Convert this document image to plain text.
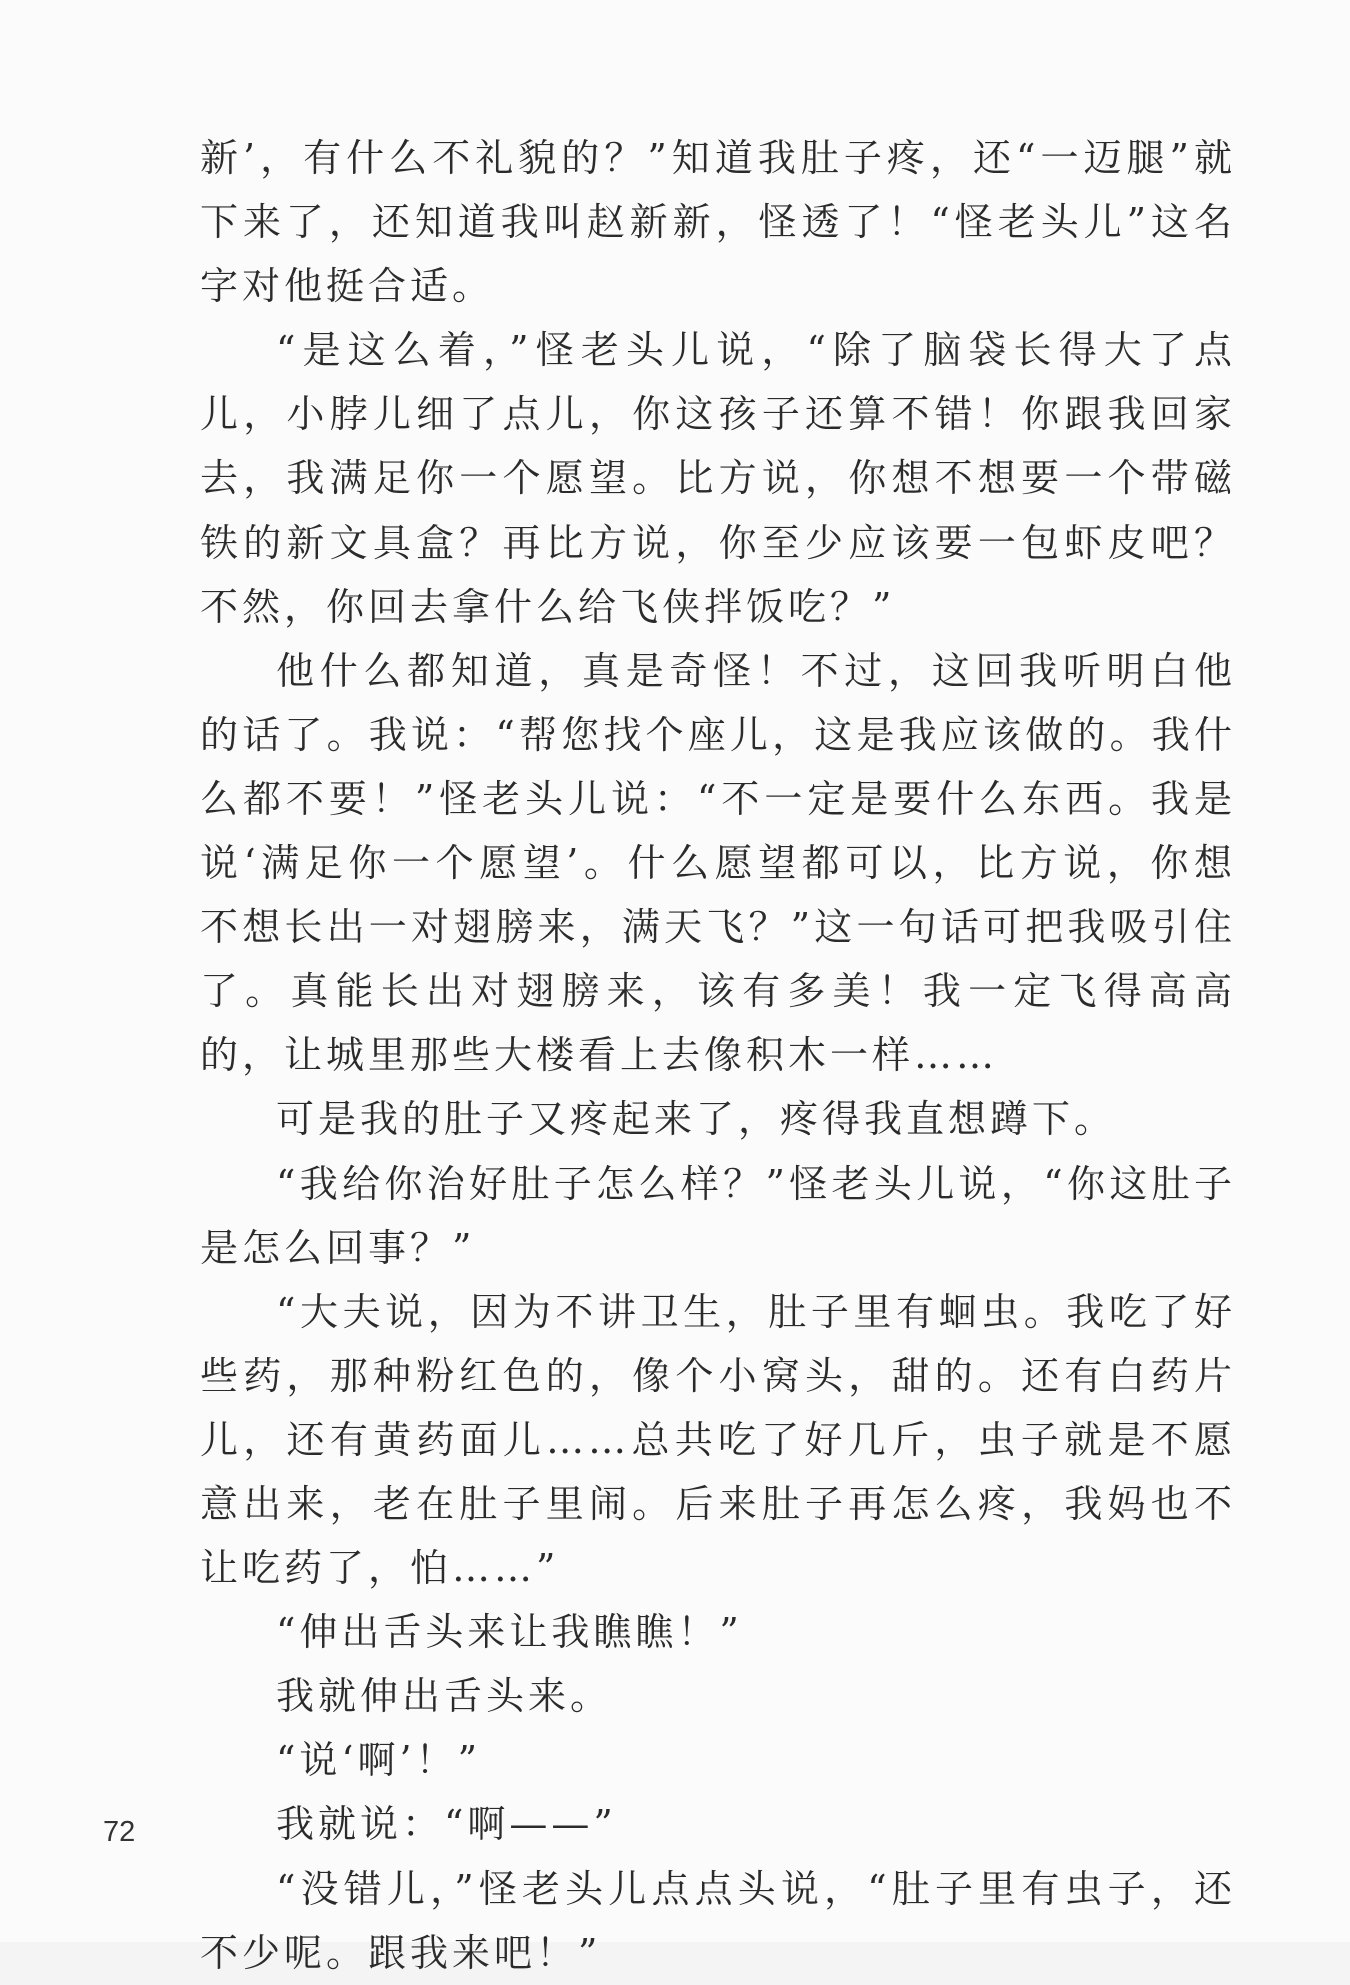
新’，有什么不礼貌的？”知道我肚子疼，还“一迈腿”就下来了，还知道我叫赵新新，怪透了！“怪老头儿”这名字对他挺合适。

“是这么着，”怪老头儿说，“除了脑袋长得大了点儿，小脖儿细了点儿，你这孩子还算不错！你跟我回家去，我满足你一个愿望。比方说，你想不想要一个带磁铁的新文具盒？再比方说，你至少应该要一包虾皮吧？不然，你回去拿什么给飞侠拌饭吃？”

他什么都知道，真是奇怪！不过，这回我听明白他的话了。我说：“帮您找个座儿，这是我应该做的。我什么都不要！”怪老头儿说：“不一定是要什么东西。我是说‘满足你一个愿望’。什么愿望都可以，比方说，你想不想长出一对翅膀来，满天飞？”这一句话可把我吸引住了。真能长出对翅膀来，该有多美！我一定飞得高高的，让城里那些大楼看上去像积木一样……

可是我的肚子又疼起来了，疼得我直想蹲下。

“我给你治好肚子怎么样？”怪老头儿说，“你这肚子是怎么回事？”

“大夫说，因为不讲卫生，肚子里有蛔虫。我吃了好些药，那种粉红色的，像个小窝头，甜的。还有白药片儿，还有黄药面儿……总共吃了好几斤，虫子就是不愿意出来，老在肚子里闹。后来肚子再怎么疼，我妈也不让吃药了，怕……”

“伸出舌头来让我瞧瞧！”

我就伸出舌头来。

“说‘啊’！”

我就说：“啊——”

“没错儿，”怪老头儿点点头说，“肚子里有虫子，还不少呢。跟我来吧！”

72
